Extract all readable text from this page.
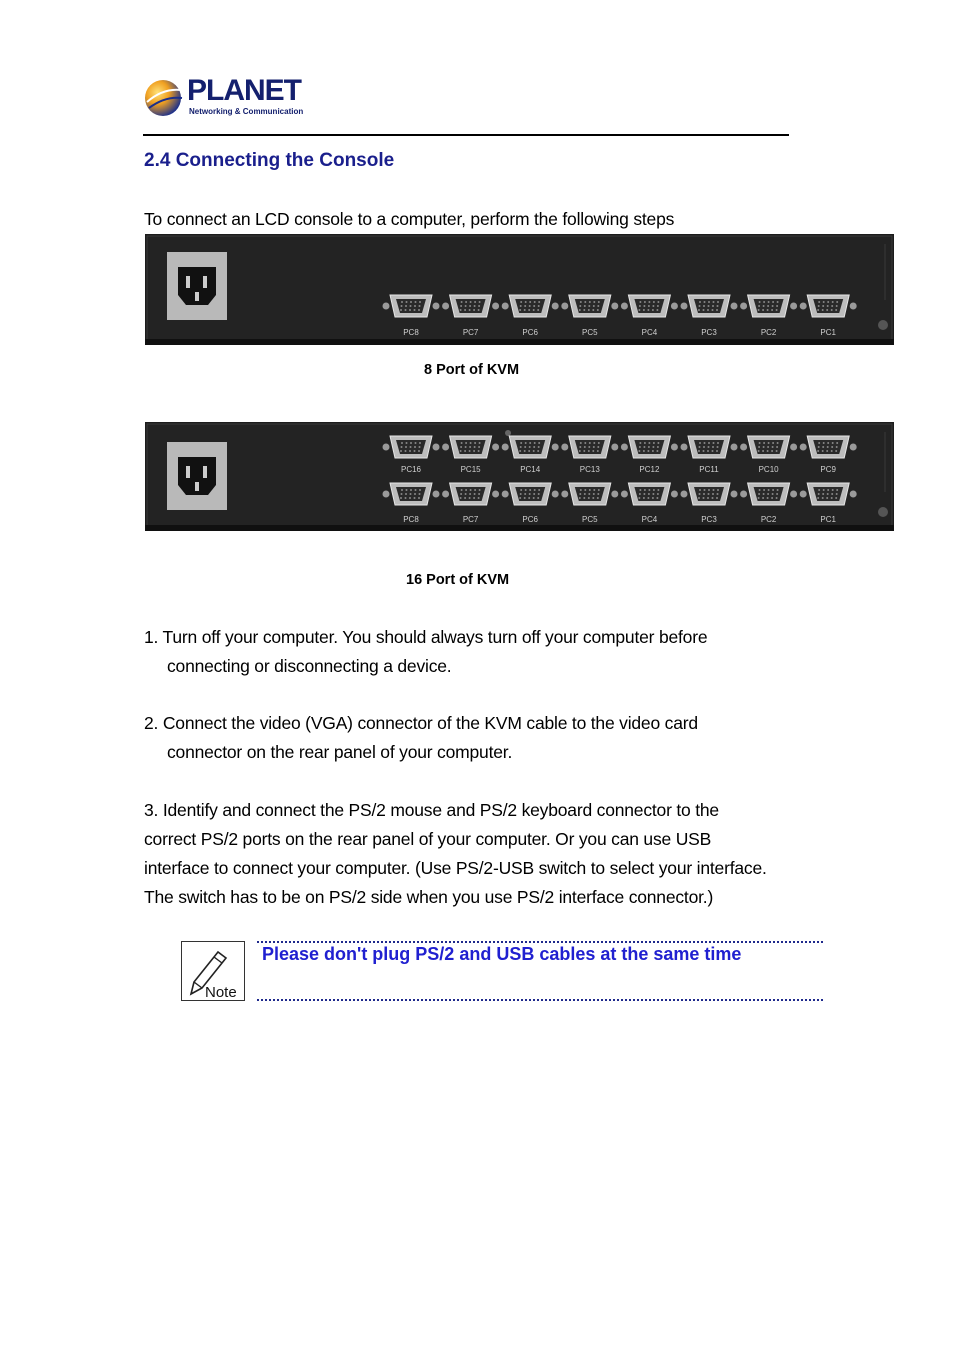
PLANET
Networking & Communication
2.4 Connecting the Console
To connect an LCD console to a computer, perform the following steps
PC8	PC7	PC6	PC5	PC4	PC3	PC2	PC1
8 Port of KVM
PC16	PC15	PC14	PC13	PC12	PC11	PC10	PC9
PC8	PC7	PC6	PC5	PC4	PC3	PC2	PC1
16 Port of KVM
1. Turn off your computer. You should always turn off your computer before
connecting or disconnecting a device.
2. Connect the video (VGA) connector of the KVM cable to the video card
connector on the rear panel of your computer.
3. Identify and connect the PS/2 mouse and PS/2 keyboard connector to the
correct PS/2 ports on the rear panel of your computer. Or you can use USB
interface to connect your computer. (Use PS/2-USB switch to select your interface.
The switch has to be on PS/2 side when you use PS/2 interface connector.)
Note
Please don't plug PS/2 and USB cables at the same time
